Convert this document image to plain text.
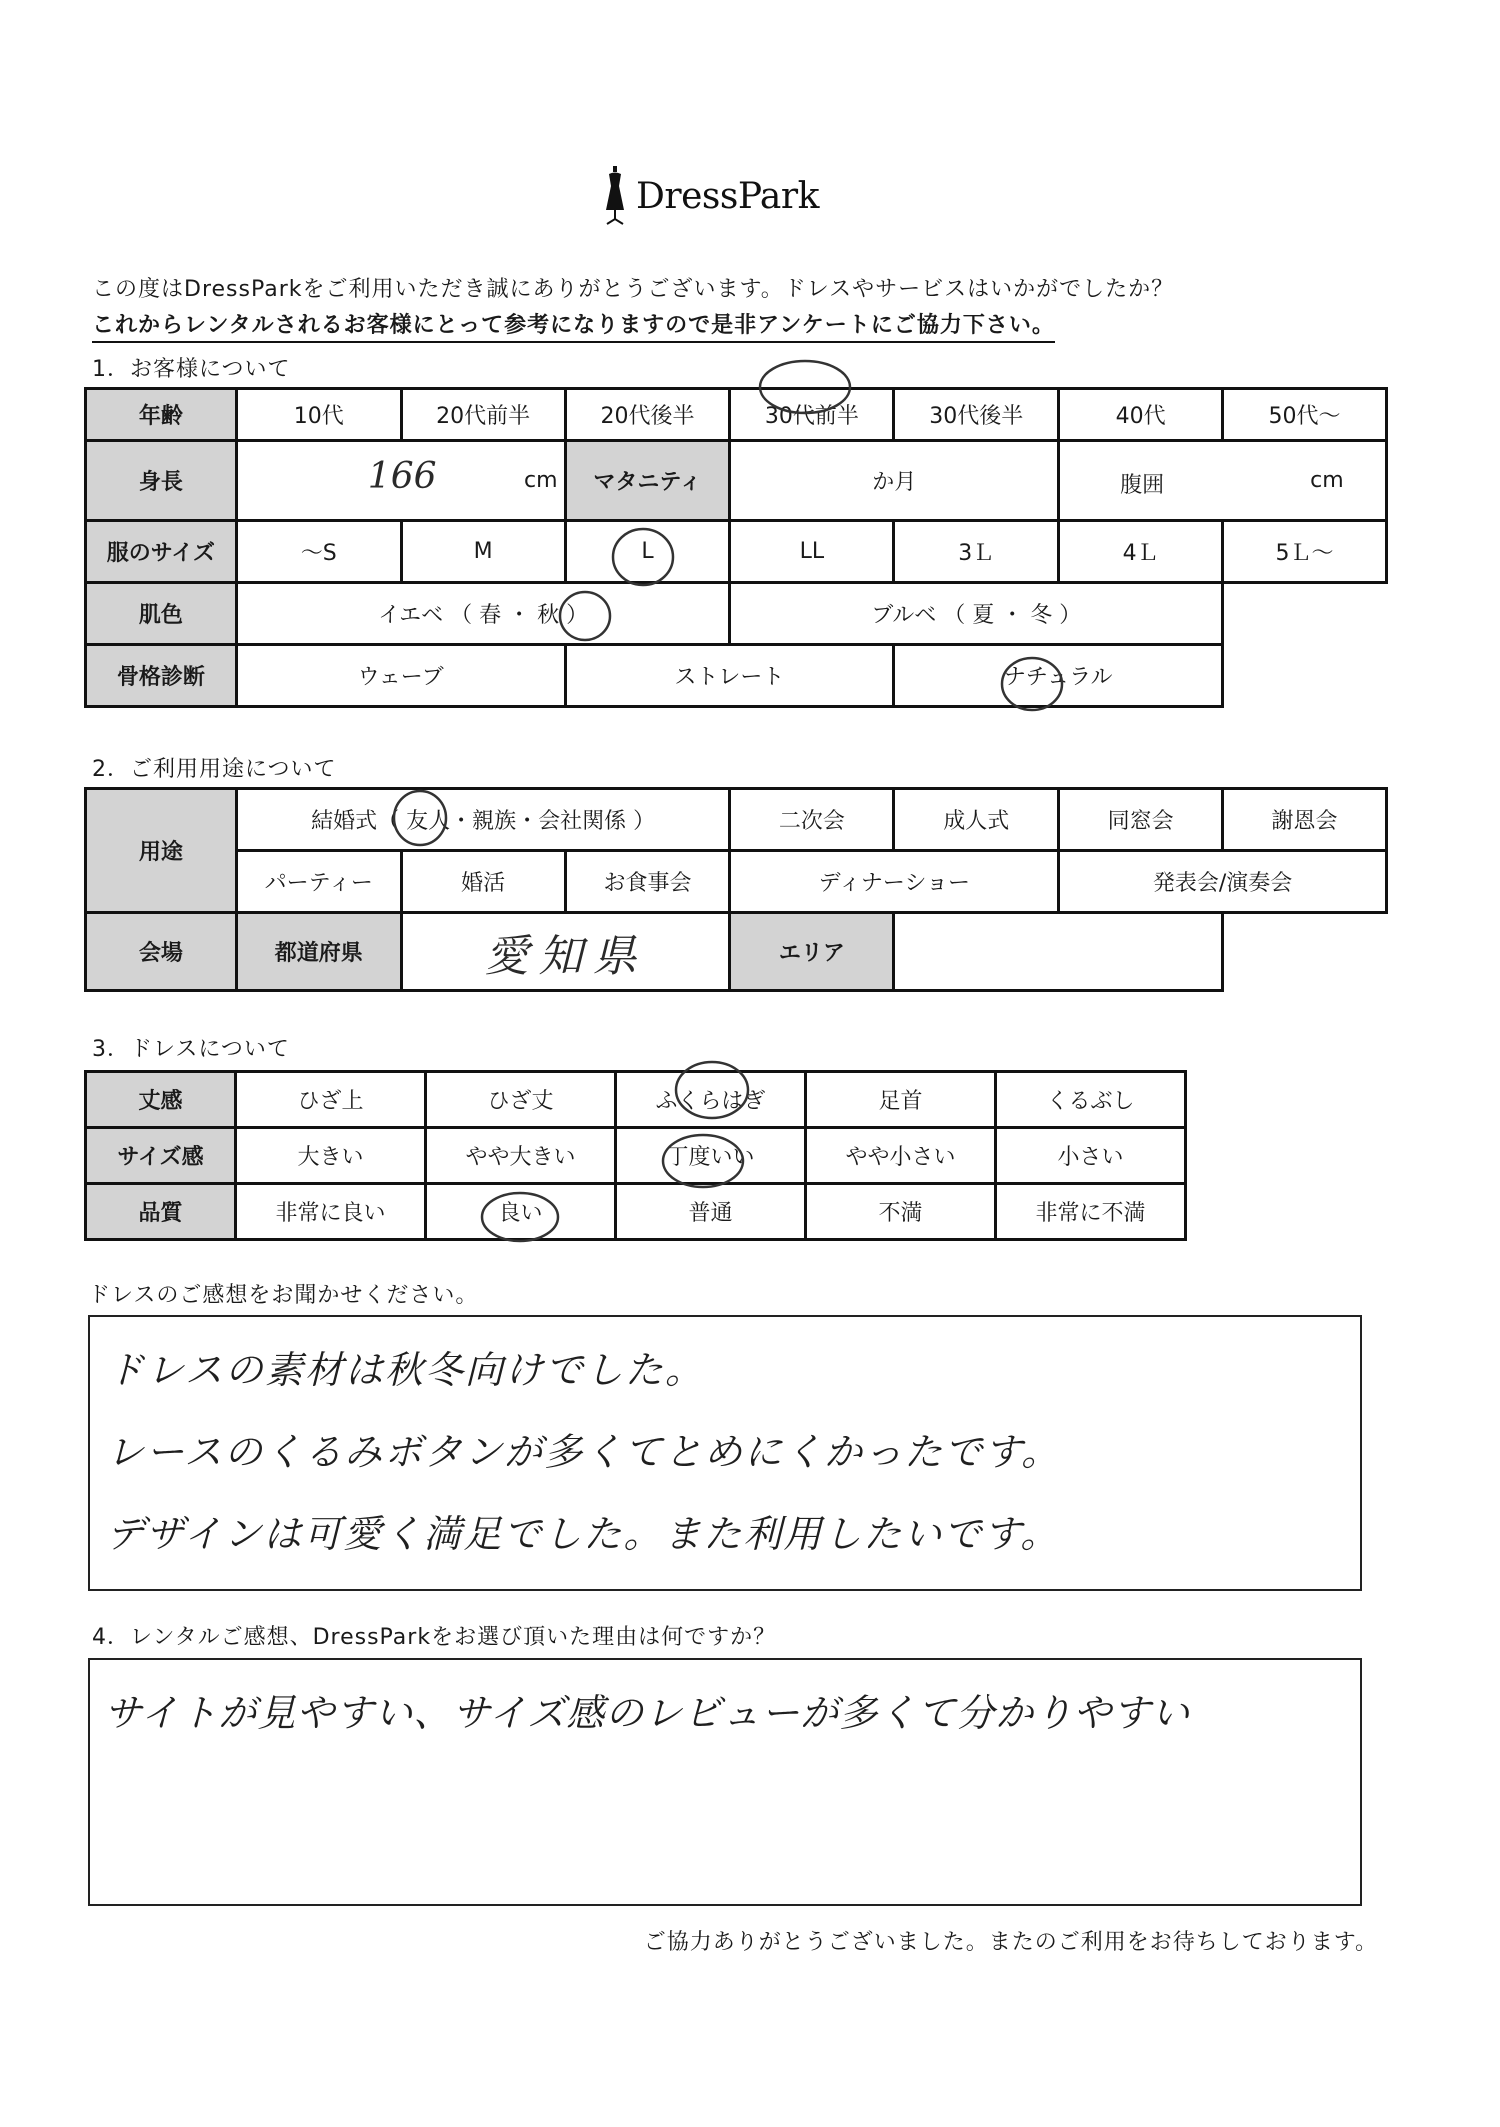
DressPark
この度はDressParkをご利用いただき誠にありがとうございます。ドレスやサービスはいかがでしたか？
これからレンタルされるお客様にとって参考になりますので是非アンケートにご協力下さい。
1．お客様について
年齢	10代	20代前半	20代後半	30代前半	30代後半	40代	50代～
身長	166 cm		マタニティ	か月		腹囲 cm	

服のサイズ	～S	M	L	LL	3Ｌ	4Ｌ	5Ｌ～
肌色	イエベ （ 春 ・ 秋 ）			ブルベ （ 夏 ・ 冬 ）			
骨格診断	ウェーブ		ストレート		ナチュラル		
2．ご利用用途について
用途	結婚式（ 友人・親族・会社関係 ）			二次会	成人式	同窓会	謝恩会
	パーティー	婚活	お食事会	ディナーショー		発表会/演奏会	
会場	都道府県	愛知県		エリア			
3．ドレスについて
丈感	ひざ上	ひざ丈	ふくらはぎ	足首	くるぶし
サイズ感	大きい	やや大きい	丁度いい	やや小さい	小さい
品質	非常に良い	良い	普通	不満	非常に不満
ドレスのご感想をお聞かせください。
ドレスの素材は秋冬向けでした。
レースのくるみボタンが多くてとめにくかったです。
デザインは可愛く満足でした。また利用したいです。
4．レンタルご感想、DressParkをお選び頂いた理由は何ですか？
サイトが見やすい、サイズ感のレビューが多くて分かりやすい
ご協力ありがとうございました。またのご利用をお待ちしております。
